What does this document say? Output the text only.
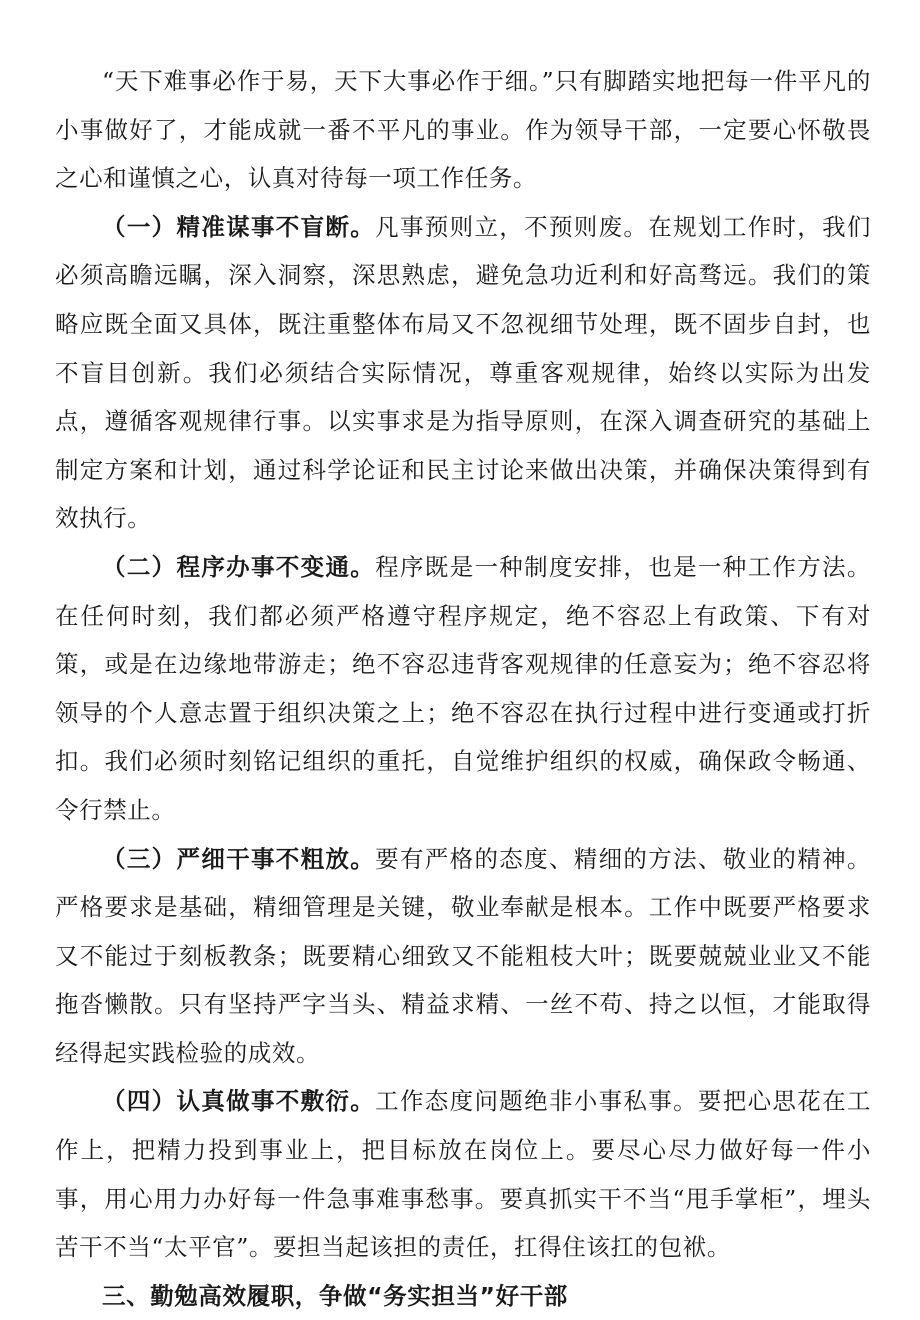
“天下难事必作于易，天下大事必作于细。”只有脚踏实地把每一件平凡的小事做好了，才能成就一番不平凡的事业。作为领导干部，一定要心怀敬畏之心和谨慎之心，认真对待每一项工作任务。

（一）精准谋事不盲断。凡事预则立，不预则废。在规划工作时，我们必须高瞻远瞩，深入洞察，深思熟虑，避免急功近利和好高骛远。我们的策略应既全面又具体，既注重整体布局又不忽视细节处理，既不固步自封，也不盲目创新。我们必须结合实际情况，尊重客观规律，始终以实际为出发点，遵循客观规律行事。以实事求是为指导原则，在深入调查研究的基础上制定方案和计划，通过科学论证和民主讨论来做出决策，并确保决策得到有效执行。

（二）程序办事不变通。程序既是一种制度安排，也是一种工作方法。在任何时刻，我们都必须严格遵守程序规定，绝不容忍上有政策、下有对策，或是在边缘地带游走；绝不容忍违背客观规律的任意妄为；绝不容忍将领导的个人意志置于组织决策之上；绝不容忍在执行过程中进行变通或打折扣。我们必须时刻铭记组织的重托，自觉维护组织的权威，确保政令畅通、令行禁止。

（三）严细干事不粗放。要有严格的态度、精细的方法、敬业的精神。严格要求是基础，精细管理是关键，敬业奉献是根本。工作中既要严格要求又不能过于刻板教条；既要精心细致又不能粗枝大叶；既要兢兢业业又不能拖沓懒散。只有坚持严字当头、精益求精、一丝不苟、持之以恒，才能取得经得起实践检验的成效。

（四）认真做事不敷衍。工作态度问题绝非小事私事。要把心思花在工作上，把精力投到事业上，把目标放在岗位上。要尽心尽力做好每一件小事，用心用力办好每一件急事难事愁事。要真抓实干不当“甩手掌柜”，埋头苦干不当“太平官”。要担当起该担的责任，扛得住该扛的包袱。

三、勤勉高效履职，争做“务实担当”好干部
